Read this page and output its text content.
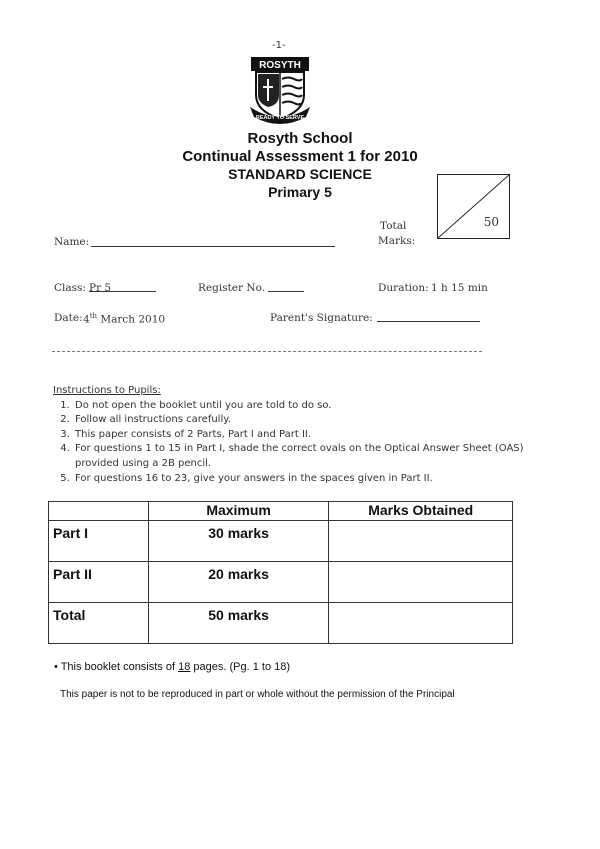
-1-
ROSYTH
READY TO SERVE
Rosyth School
Continual Assessment 1 for 2010
STANDARD SCIENCE
Primary 5
Total
Marks:
50
Name:
Class: Pr 5	Register No.	Duration: 1 h 15 min
Date: 4th March 2010	Parent's Signature:
Instructions to Pupils:
1. Do not open the booklet until you are told to do so.
2. Follow all instructions carefully.
3. This paper consists of 2 Parts, Part I and Part II.
4. For questions 1 to 15 in Part I, shade the correct ovals on the Optical Answer Sheet (OAS) provided using a 2B pencil.
5. For questions 16 to 23, give your answers in the spaces given in Part II.
	Maximum	Marks Obtained
Part I	30 marks	
Part II	20 marks	
Total	50 marks	
• This booklet consists of 18 pages. (Pg. 1 to 18)
This paper is not to be reproduced in part or whole without the permission of the Principal
